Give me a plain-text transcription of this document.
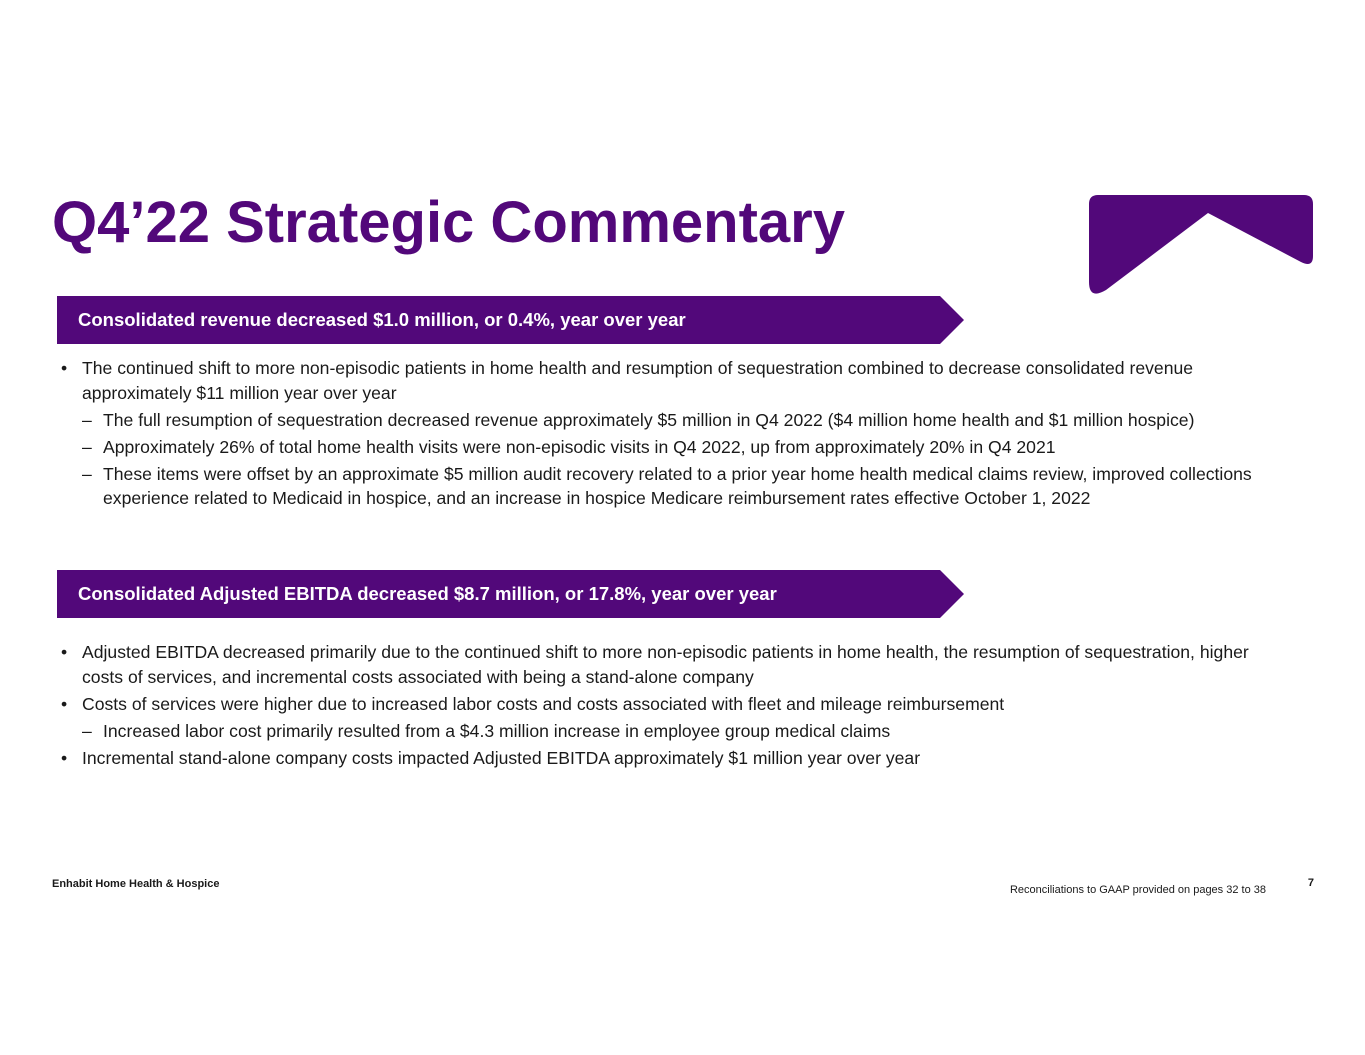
Q4’22 Strategic Commentary
Consolidated revenue decreased $1.0 million, or 0.4%, year over year
• The continued shift to more non-episodic patients in home health and resumption of sequestration combined to decrease consolidated revenue approximately $11 million year over year
– The full resumption of sequestration decreased revenue approximately $5 million in Q4 2022 ($4 million home health and $1 million hospice)
– Approximately 26% of total home health visits were non-episodic visits in Q4 2022, up from approximately 20% in Q4 2021
– These items were offset by an approximate $5 million audit recovery related to a prior year home health medical claims review, improved collections experience related to Medicaid in hospice, and an increase in hospice Medicare reimbursement rates effective October 1, 2022
Consolidated Adjusted EBITDA decreased $8.7 million, or 17.8%, year over year
• Adjusted EBITDA decreased primarily due to the continued shift to more non-episodic patients in home health, the resumption of sequestration, higher costs of services, and incremental costs associated with being a stand-alone company
• Costs of services were higher due to increased labor costs and costs associated with fleet and mileage reimbursement
– Increased labor cost primarily resulted from a $4.3 million increase in employee group medical claims
• Incremental stand-alone company costs impacted Adjusted EBITDA approximately $1 million year over year
Enhabit Home Health & Hospice	Reconciliations to GAAP provided on pages 32 to 38
7
